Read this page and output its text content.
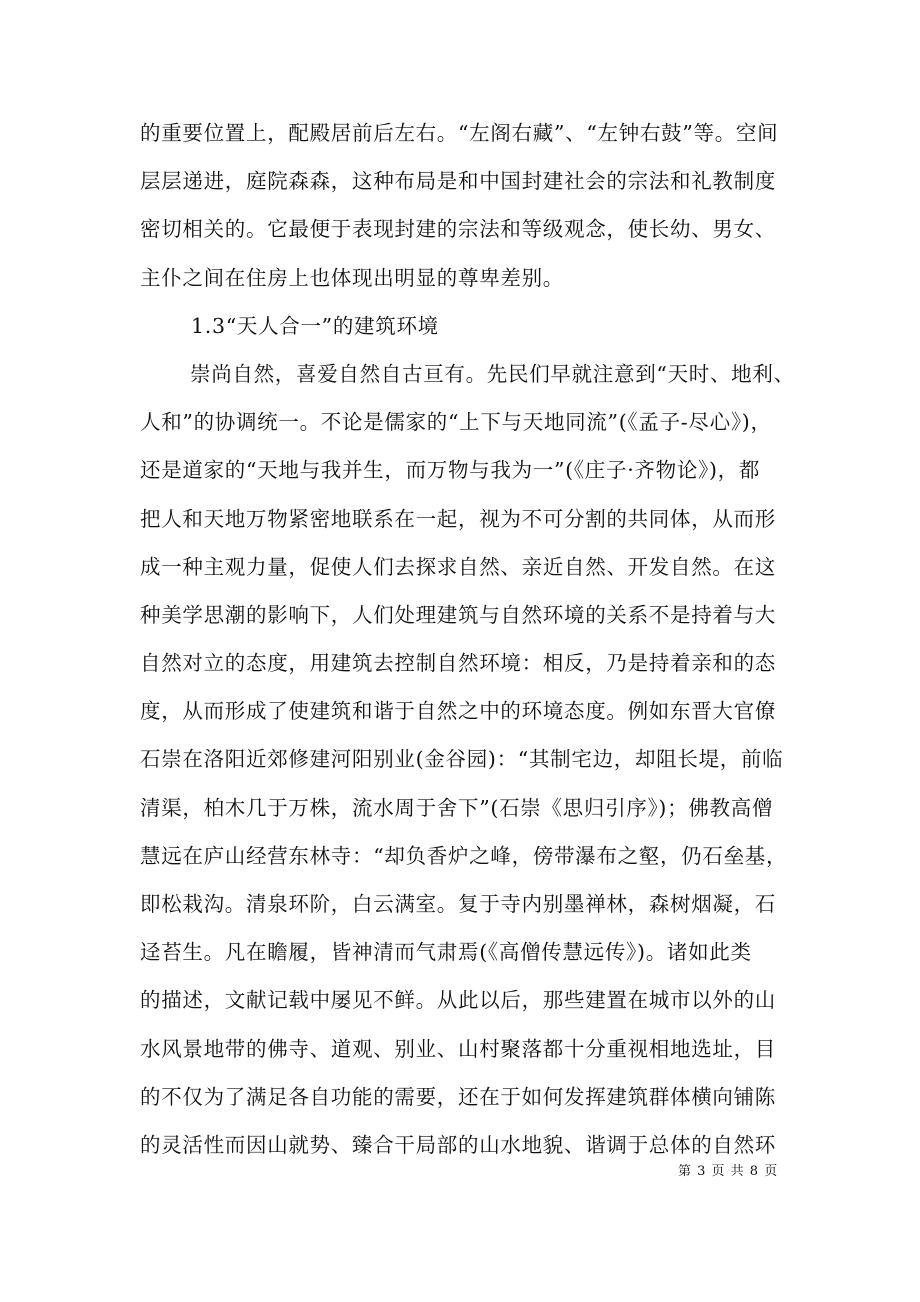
的重要位置上，配殿居前后左右。“左阁右藏”、“左钟右鼓”等。空间
层层递进，庭院森森，这种布局是和中国封建社会的宗法和礼教制度
密切相关的。它最便于表现封建的宗法和等级观念，使长幼、男女、
主仆之间在住房上也体现出明显的尊卑差别。
1.3“天人合一”的建筑环境
崇尚自然，喜爱自然自古亘有。先民们早就注意到“天时、地利、
人和”的协调统一。不论是儒家的“上下与天地同流”(《孟子-尽心》)，
还是道家的“天地与我并生，而万物与我为一”(《庄子·齐物论》)，都
把人和天地万物紧密地联系在一起，视为不可分割的共同体，从而形
成一种主观力量，促使人们去探求自然、亲近自然、开发自然。在这
种美学思潮的影响下，人们处理建筑与自然环境的关系不是持着与大
自然对立的态度，用建筑去控制自然环境：相反，乃是持着亲和的态
度，从而形成了使建筑和谐于自然之中的环境态度。例如东晋大官僚
石崇在洛阳近郊修建河阳别业(金谷园)：“其制宅边，却阻长堤，前临
清渠，柏木几于万株，流水周于舍下”(石崇《思归引序》)；佛教高僧
慧远在庐山经营东林寺：“却负香炉之峰，傍带瀑布之壑，仍石垒基，
即松栽沟。清泉环阶，白云满室。复于寺内别墨禅林，森树烟凝，石
迳苔生。凡在瞻履，皆神清而气肃焉(《高僧传慧远传》)。诸如此类
的描述，文献记载中屡见不鲜。从此以后，那些建置在城市以外的山
水风景地带的佛寺、道观、别业、山村聚落都十分重视相地选址，目
的不仅为了满足各自功能的需要，还在于如何发挥建筑群体横向铺陈
的灵活性而因山就势、臻合干局部的山水地貌、谐调于总体的自然环
第 3 页 共 8 页
